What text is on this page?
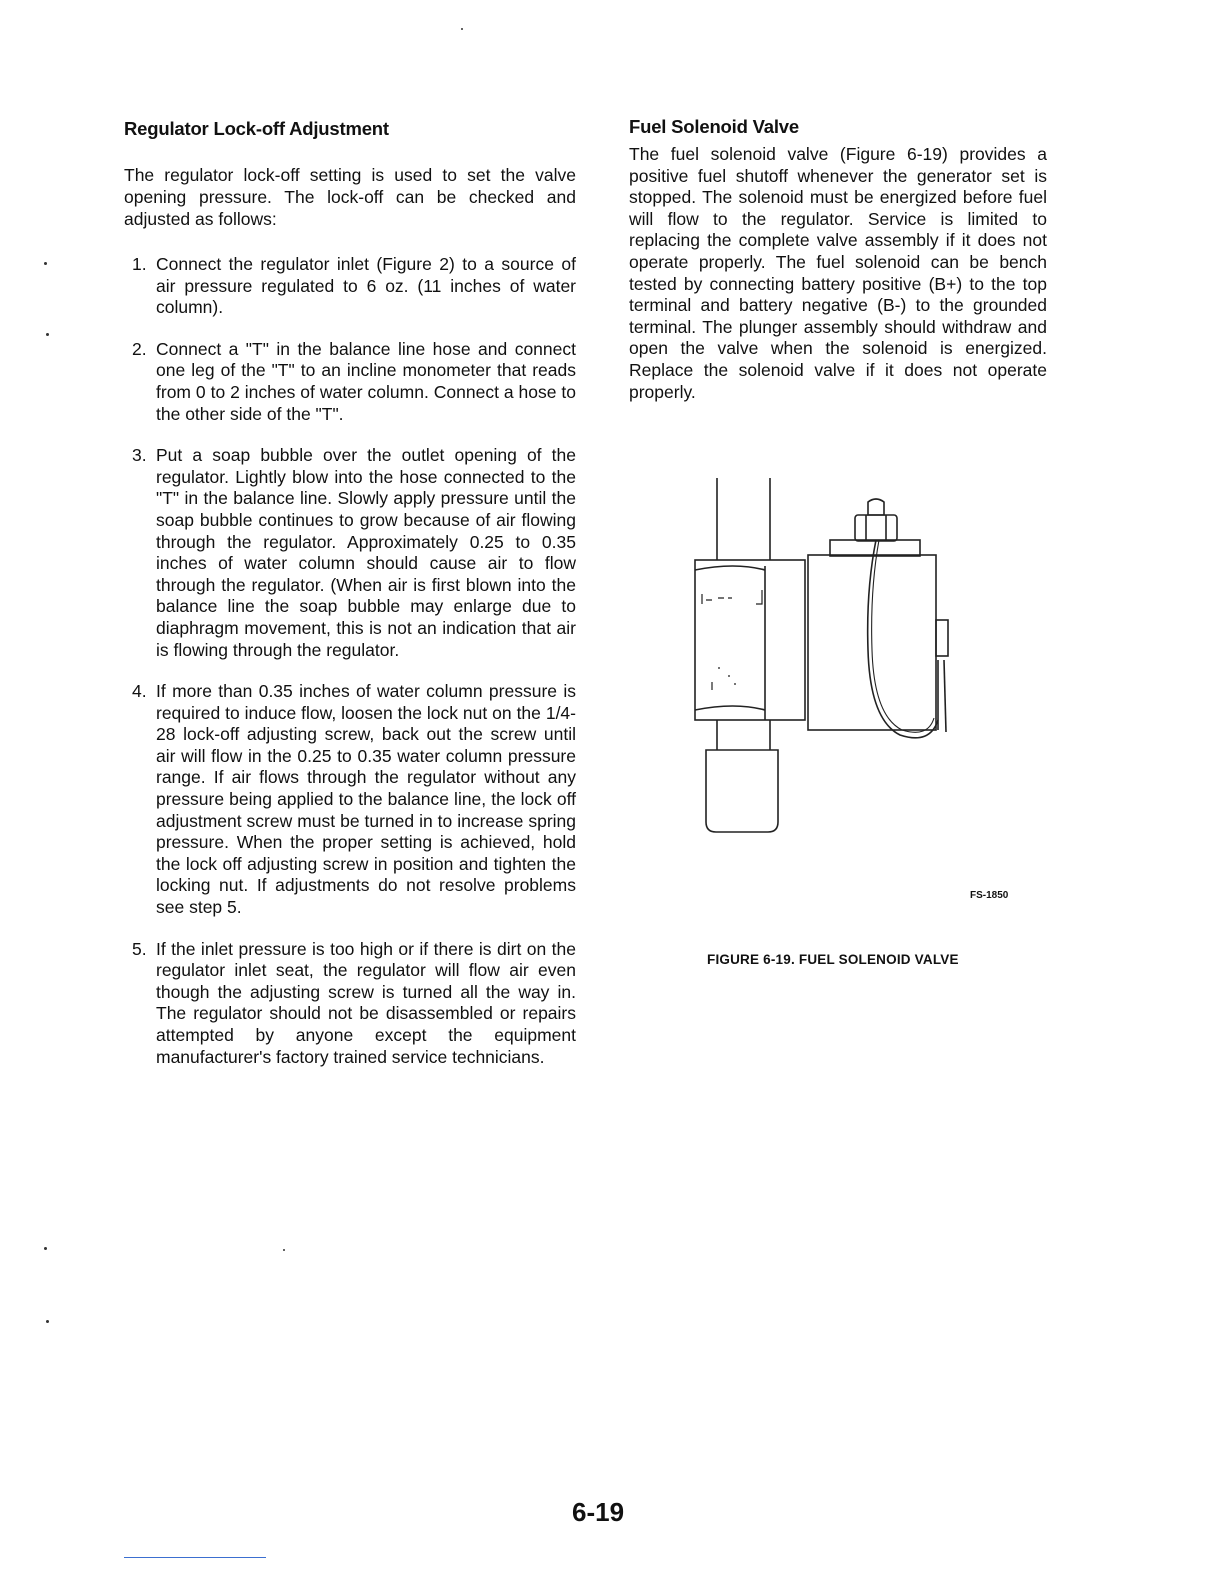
Regulator Lock-off Adjustment

The regulator lock-off setting is used to set the valve opening pressure. The lock-off can be checked and adjusted as follows:

1. Connect the regulator inlet (Figure 2) to a source of air pressure regulated to 6 oz. (11 inches of water column).
2. Connect a "T" in the balance line hose and connect one leg of the "T" to an incline monometer that reads from 0 to 2 inches of water column. Connect a hose to the other side of the "T".
3. Put a soap bubble over the outlet opening of the regulator. Lightly blow into the hose connected to the "T" in the balance line. Slowly apply pressure until the soap bubble continues to grow because of air flowing through the regulator. Approximately 0.25 to 0.35 inches of water column should cause air to flow through the regulator. (When air is first blown into the balance line the soap bubble may enlarge due to diaphragm movement, this is not an indication that air is flowing through the regulator.
4. If more than 0.35 inches of water column pressure is required to induce flow, loosen the lock nut on the 1/4-28 lock-off adjusting screw, back out the screw until air will flow in the 0.25 to 0.35 water column pressure range. If air flows through the regulator without any pressure being applied to the balance line, the lock off adjustment screw must be turned in to increase spring pressure. When the proper setting is achieved, hold the lock off adjusting screw in position and tighten the locking nut. If adjustments do not resolve problems see step 5.
5. If the inlet pressure is too high or if there is dirt on the regulator inlet seat, the regulator will flow air even though the adjusting screw is turned all the way in. The regulator should not be disassembled or repairs attempted by anyone except the equipment manufacturer's factory trained service technicians.
Fuel Solenoid Valve

The fuel solenoid valve (Figure 6-19) provides a positive fuel shutoff whenever the generator set is stopped. The solenoid must be energized before fuel will flow to the regulator. Service is limited to replacing the complete valve assembly if it does not operate properly. The fuel solenoid can be bench tested by connecting battery positive (B+) to the top terminal and battery negative (B-) to the grounded terminal. The plunger assembly should withdraw and open the valve when the solenoid is energized. Replace the solenoid valve if it does not operate properly.

FS-1850
FIGURE 6-19. FUEL SOLENOID VALVE
6-19
